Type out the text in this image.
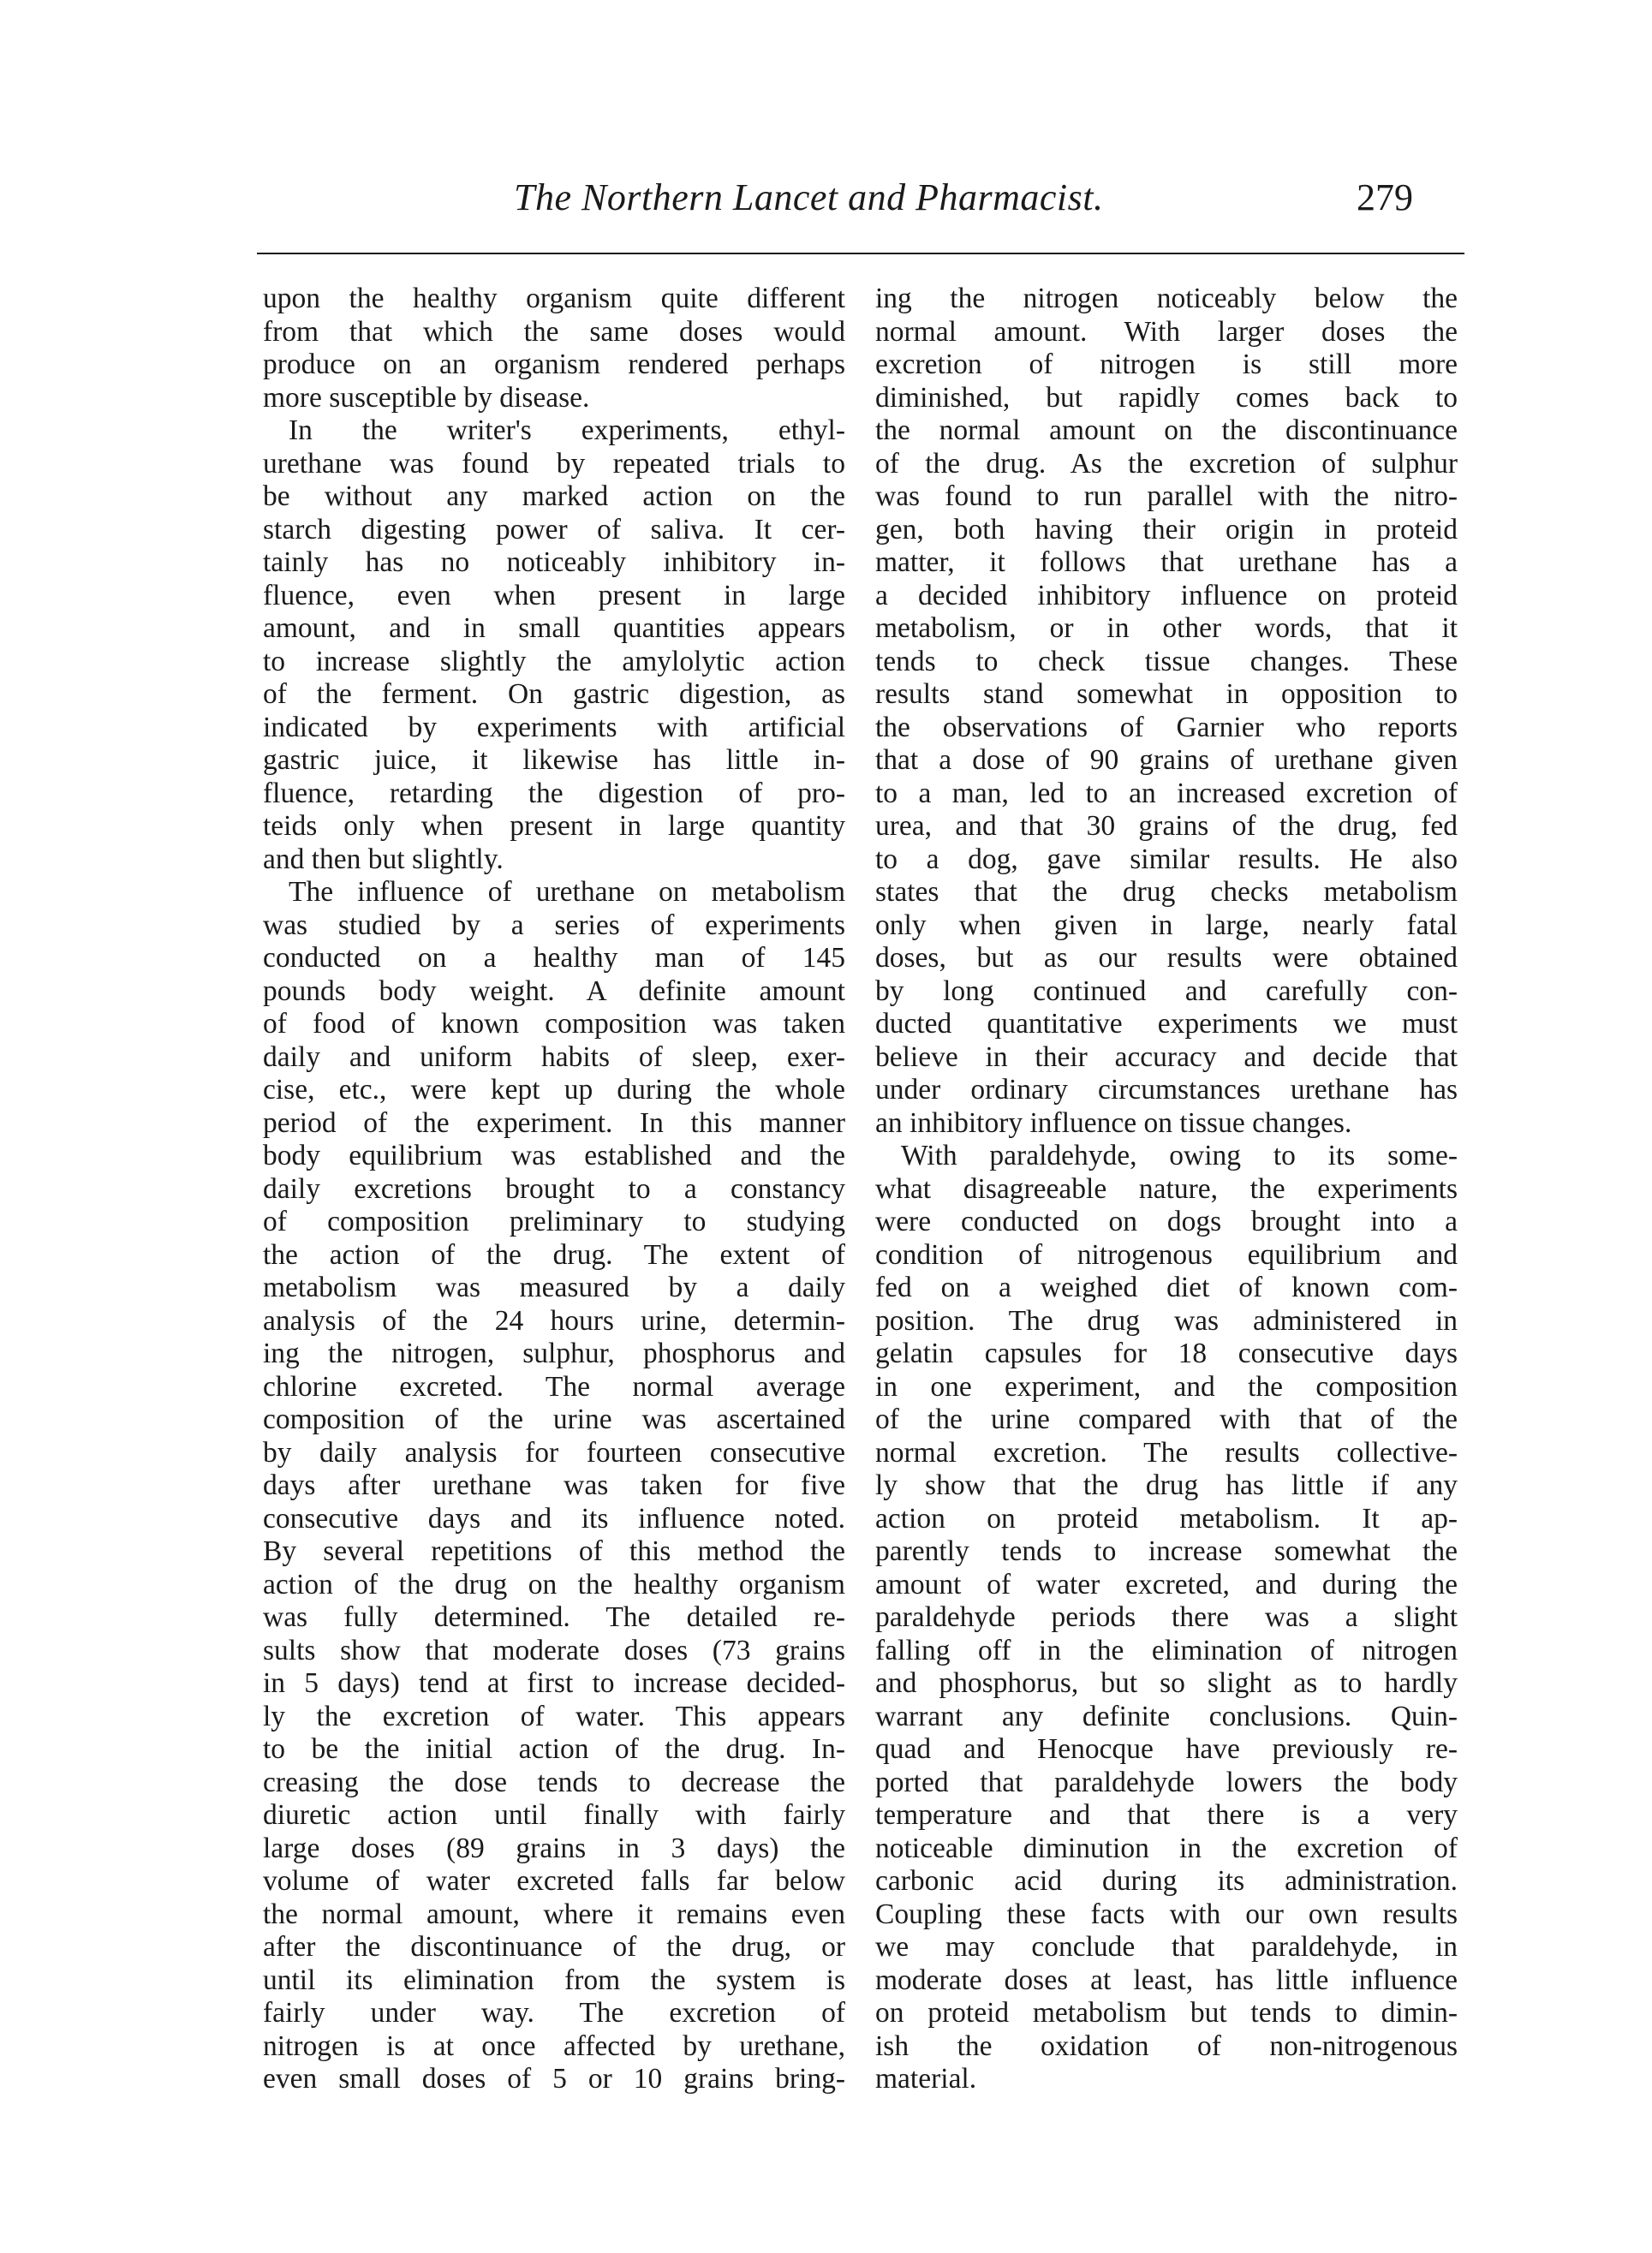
The Northern Lancet and Pharmacist.	279
upon the healthy organism quite different
from that which the same doses would
produce on an organism rendered perhaps
more susceptible by disease.
In the writer's experiments, ethyl-
urethane was found by repeated trials to
be without any marked action on the
starch digesting power of saliva. It cer-
tainly has no noticeably inhibitory in-
fluence, even when present in large
amount, and in small quantities appears
to increase slightly the amylolytic action
of the ferment. On gastric digestion, as
indicated by experiments with artificial
gastric juice, it likewise has little in-
fluence, retarding the digestion of pro-
teids only when present in large quantity
and then but slightly.
The influence of urethane on metabolism
was studied by a series of experiments
conducted on a healthy man of 145
pounds body weight. A definite amount
of food of known composition was taken
daily and uniform habits of sleep, exer-
cise, etc., were kept up during the whole
period of the experiment. In this manner
body equilibrium was established and the
daily excretions brought to a constancy
of composition preliminary to studying
the action of the drug. The extent of
metabolism was measured by a daily
analysis of the 24 hours urine, determin-
ing the nitrogen, sulphur, phosphorus and
chlorine excreted. The normal average
composition of the urine was ascertained
by daily analysis for fourteen consecutive
days after urethane was taken for five
consecutive days and its influence noted.
By several repetitions of this method the
action of the drug on the healthy organism
was fully determined. The detailed re-
sults show that moderate doses (73 grains
in 5 days) tend at first to increase decided-
ly the excretion of water. This appears
to be the initial action of the drug. In-
creasing the dose tends to decrease the
diuretic action until finally with fairly
large doses (89 grains in 3 days) the
volume of water excreted falls far below
the normal amount, where it remains even
after the discontinuance of the drug, or
until its elimination from the system is
fairly under way. The excretion of
nitrogen is at once affected by urethane,
even small doses of 5 or 10 grains bring-
ing the nitrogen noticeably below the
normal amount. With larger doses the
excretion of nitrogen is still more
diminished, but rapidly comes back to
the normal amount on the discontinuance
of the drug. As the excretion of sulphur
was found to run parallel with the nitro-
gen, both having their origin in proteid
matter, it follows that urethane has a
a decided inhibitory influence on proteid
metabolism, or in other words, that it
tends to check tissue changes. These
results stand somewhat in opposition to
the observations of Garnier who reports
that a dose of 90 grains of urethane given
to a man, led to an increased excretion of
urea, and that 30 grains of the drug, fed
to a dog, gave similar results. He also
states that the drug checks metabolism
only when given in large, nearly fatal
doses, but as our results were obtained
by long continued and carefully con-
ducted quantitative experiments we must
believe in their accuracy and decide that
under ordinary circumstances urethane has
an inhibitory influence on tissue changes.
With paraldehyde, owing to its some-
what disagreeable nature, the experiments
were conducted on dogs brought into a
condition of nitrogenous equilibrium and
fed on a weighed diet of known com-
position. The drug was administered in
gelatin capsules for 18 consecutive days
in one experiment, and the composition
of the urine compared with that of the
normal excretion. The results collective-
ly show that the drug has little if any
action on proteid metabolism. It ap-
parently tends to increase somewhat the
amount of water excreted, and during the
paraldehyde periods there was a slight
falling off in the elimination of nitrogen
and phosphorus, but so slight as to hardly
warrant any definite conclusions. Quin-
quad and Henocque have previously re-
ported that paraldehyde lowers the body
temperature and that there is a very
noticeable diminution in the excretion of
carbonic acid during its administration.
Coupling these facts with our own results
we may conclude that paraldehyde, in
moderate doses at least, has little influence
on proteid metabolism but tends to dimin-
ish the oxidation of non-nitrogenous
material.
